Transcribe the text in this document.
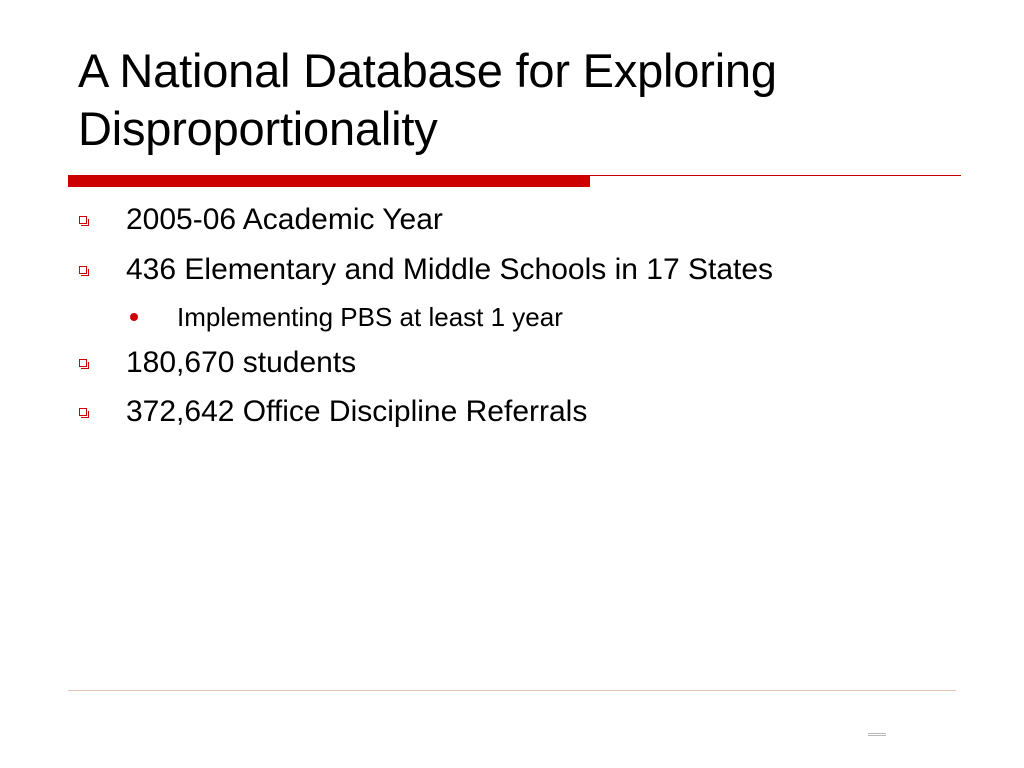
A National Database for Exploring Disproportionality
2005-06 Academic Year
436 Elementary and Middle Schools in 17 States
Implementing PBS at least 1 year
180,670 students
372,642 Office Discipline Referrals
